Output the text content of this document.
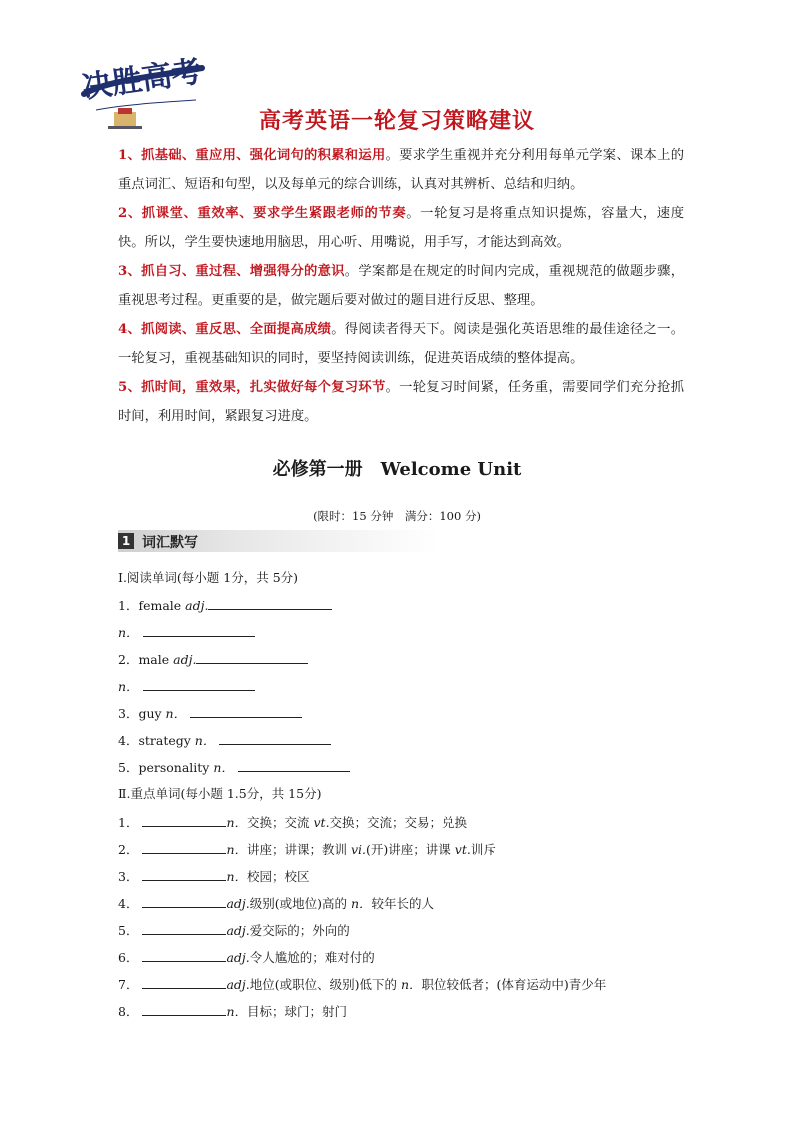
决胜高考
高考英语一轮复习策略建议

1、抓基础、重应用、强化词句的积累和运用。要求学生重视并充分利用每单元学案、课本上的重点词汇、短语和句型，以及每单元的综合训练，认真对其辨析、总结和归纳。

2、抓课堂、重效率、要求学生紧跟老师的节奏。一轮复习是将重点知识提炼，容量大，速度快。所以，学生要快速地用脑思，用心听、用嘴说，用手写，才能达到高效。

3、抓自习、重过程、增强得分的意识。学案都是在规定的时间内完成，重视规范的做题步骤，重视思考过程。更重要的是，做完题后要对做过的题目进行反思、整理。

4、抓阅读、重反思、全面提高成绩。得阅读者得天下。阅读是强化英语思维的最佳途径之一。一轮复习，重视基础知识的同时，要坚持阅读训练，促进英语成绩的整体提高。

5、抓时间，重效果，扎实做好每个复习环节。一轮复习时间紧，任务重，需要同学们充分抢抓时间，利用时间，紧跟复习进度。

必修第一册　Welcome Unit
(限时：15 分钟　满分：100 分)
1 词汇默写
Ⅰ.阅读单词(每小题 1分，共 5分)
1．female adj.
n．
2．male adj.
n．
3．guy n．
4．strategy n．
5．personality n．
Ⅱ.重点单词(每小题 1.5分，共 15分)
1．	n．交换；交流 vt.交换；交流；交易；兑换
2．	n．讲座；讲课；教训 vi.(开)讲座；讲课 vt.训斥
3．	n．校园；校区
4．	adj.级别(或地位)高的 n．较年长的人
5．	adj.爱交际的；外向的
6．	adj.令人尴尬的；难对付的
7．	adj.地位(或职位、级别)低下的 n．职位较低者；(体育运动中)青少年
8．	n．目标；球门；射门
